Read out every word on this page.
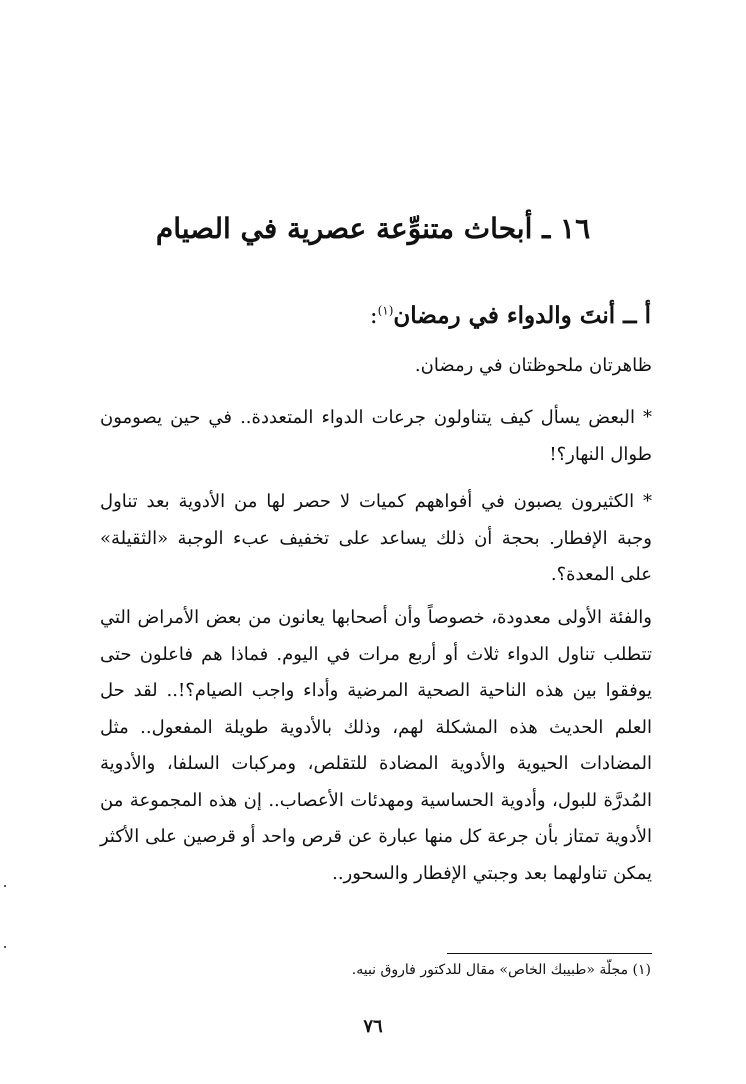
١٦ ـ أبحاث متنوِّعة عصرية في الصيام
أ ــ أنتَ والدواء في رمضان$^{(١)}$:

ظاهرتان ملحوظتان في رمضان.

* البعض يسأل كيف يتناولون جرعات الدواء المتعددة.. في حين يصومون طوال النهار؟!

* الكثيرون يصبون في أفواههم كميات لا حصر لها من الأدوية بعد تناول وجبة الإفطار. بحجة أن ذلك يساعد على تخفيف عبء الوجبة «الثقيلة» على المعدة؟.

والفئة الأولى معدودة، خصوصاً وأن أصحابها يعانون من بعض الأمراض التي تتطلب تناول الدواء ثلاث أو أربع مرات في اليوم. فماذا هم فاعلون حتى يوفقوا بين هذه الناحية الصحية المرضية وأداء واجب الصيام؟!.. لقد حل العلم الحديث هذه المشكلة لهم، وذلك بالأدوية طويلة المفعول.. مثل المضادات الحيوية والأدوية المضادة للتقلص، ومركبات السلفا، والأدوية المُدرَّة للبول، وأدوية الحساسية ومهدئات الأعصاب.. إن هذه المجموعة من الأدوية تمتاز بأن جرعة كل منها عبارة عن قرص واحد أو قرصين على الأكثر يمكن تناولهما بعد وجبتي الإفطار والسحور..

(١) مجلّة «طبيبك الخاص» مقال للدكتور فاروق نبيه.
٧٦
